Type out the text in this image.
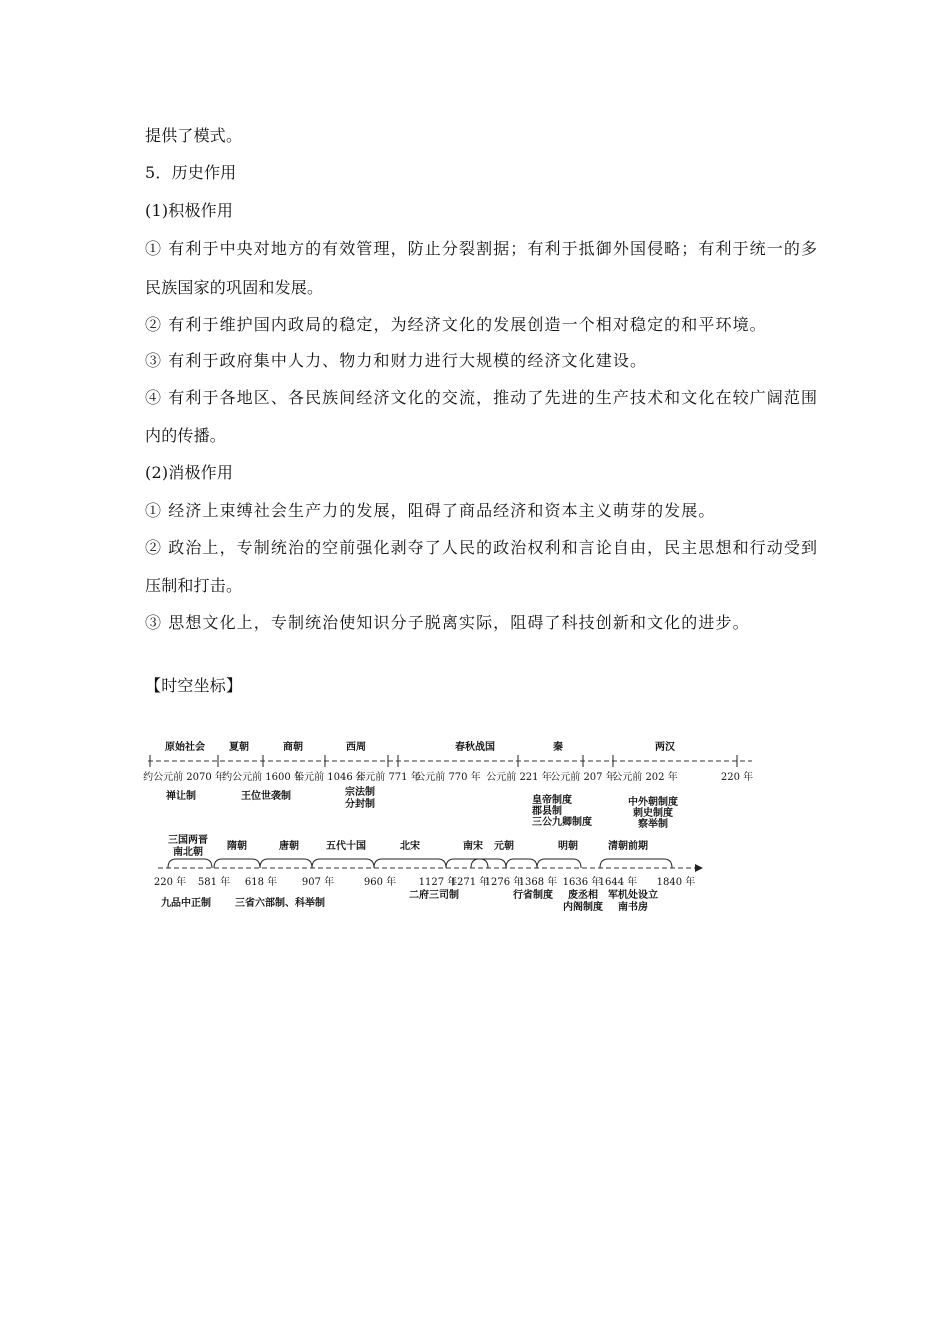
提供了模式。
5．历史作用
(1)积极作用
① 有利于中央对地方的有效管理，防止分裂割据；有利于抵御外国侵略；有利于统一的多
民族国家的巩固和发展。
② 有利于维护国内政局的稳定，为经济文化的发展创造一个相对稳定的和平环境。
③ 有利于政府集中人力、物力和财力进行大规模的经济文化建设。
④ 有利于各地区、各民族间经济文化的交流，推动了先进的生产技术和文化在较广阔范围
内的传播。
(2)消极作用
① 经济上束缚社会生产力的发展，阻碍了商品经济和资本主义萌芽的发展。
② 政治上，专制统治的空前强化剥夺了人民的政治权利和言论自由，民主思想和行动受到
压制和打击。
③ 思想文化上，专制统治使知识分子脱离实际，阻碍了科技创新和文化的进步。
【时空坐标】
原始社会 夏朝	商朝	西周	春秋战国	秦	两汉
约公元前 2070 年
约公元前 1600 年
公元前 1046 年
公元前 771 年
公元前 770 年 公元前 221 年
公元前 207 年
公元前 202 年	220 年
禅让制	王位世袭制	宗法制
分封制	皇帝制度
郡县制
三公九卿制度
中外朝制度
刺史制度
察举制
三国两晋
南北朝
隋朝	唐朝	五代十国	北宋	南宋 元朝	明朝	清朝前期
220 年 581 年 618 年 907 年	960 年 1127 年
1271 年
1276 年
1368 年 1636 年
1644 年 1840 年
九品中正制 三省六部制、科举制
二府三司制	行省制度 废丞相
内阁制度
军机处设立
南书房
